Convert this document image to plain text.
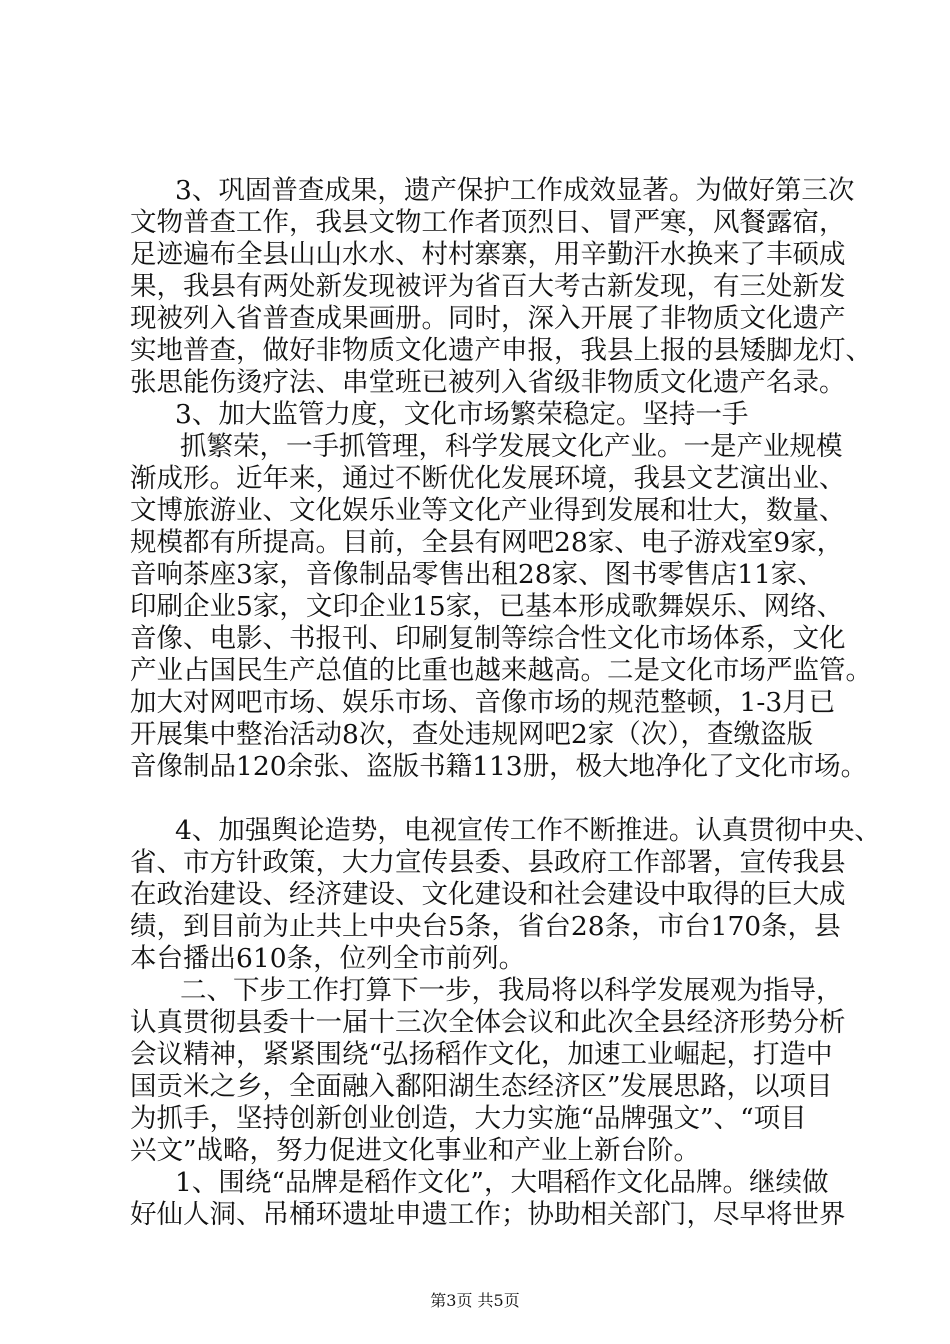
3、巩固普查成果，遗产保护工作成效显著。为做好第三次

文物普查工作，我县文物工作者顶烈日、冒严寒，风餐露宿，

足迹遍布全县山山水水、村村寨寨，用辛勤汗水换来了丰硕成

果，我县有两处新发现被评为省百大考古新发现，有三处新发

现被列入省普查成果画册。同时，深入开展了非物质文化遗产

实地普查，做好非物质文化遗产申报，我县上报的县矮脚龙灯、

张思能伤烫疗法、串堂班已被列入省级非物质文化遗产名录。

3、加大监管力度，文化市场繁荣稳定。坚持一手

抓繁荣，一手抓管理，科学发展文化产业。一是产业规模

渐成形。近年来，通过不断优化发展环境，我县文艺演出业、

文博旅游业、文化娱乐业等文化产业得到发展和壮大，数量、

规模都有所提高。目前，全县有网吧28家、电子游戏室9家，

音响茶座3家，音像制品零售出租28家、图书零售店11家、

印刷企业5家，文印企业15家，已基本形成歌舞娱乐、网络、

音像、电影、书报刊、印刷复制等综合性文化市场体系，文化

产业占国民生产总值的比重也越来越高。二是文化市场严监管。

加大对网吧市场、娱乐市场、音像市场的规范整顿，1-3月已

开展集中整治活动8次，查处违规网吧2家（次），查缴盗版

音像制品120余张、盗版书籍113册，极大地净化了文化市场。

4、加强舆论造势，电视宣传工作不断推进。认真贯彻中央、

省、市方针政策，大力宣传县委、县政府工作部署，宣传我县

在政治建设、经济建设、文化建设和社会建设中取得的巨大成

绩，到目前为止共上中央台5条，省台28条，市台170条，县

本台播出610条，位列全市前列。

二、下步工作打算下一步，我局将以科学发展观为指导，

认真贯彻县委十一届十三次全体会议和此次全县经济形势分析

会议精神，紧紧围绕“弘扬稻作文化，加速工业崛起，打造中

国贡米之乡，全面融入鄱阳湖生态经济区”发展思路，以项目

为抓手，坚持创新创业创造，大力实施“品牌强文”、“项目

兴文”战略，努力促进文化事业和产业上新台阶。

1、围绕“品牌是稻作文化”，大唱稻作文化品牌。继续做

好仙人洞、吊桶环遗址申遗工作；协助相关部门，尽早将世界

第3页 共5页
